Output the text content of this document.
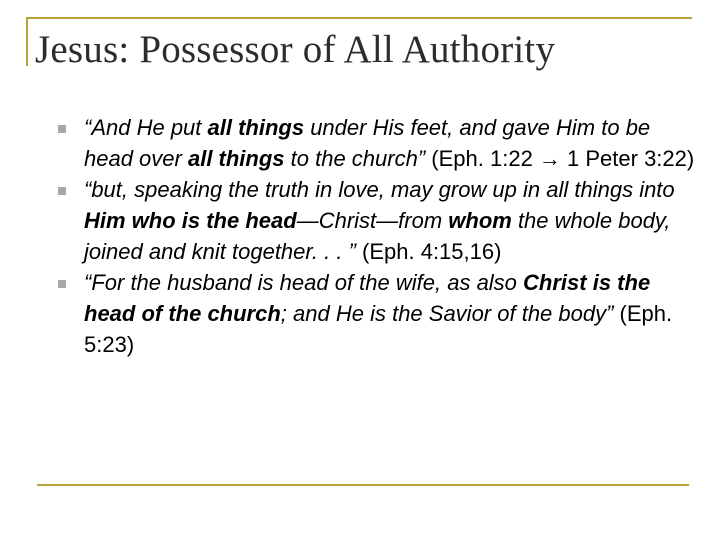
Jesus: Possessor of All Authority
“And He put all things under His feet, and gave Him to be head over all things to the church” (Eph. 1:22 → 1 Peter 3:22)
“but, speaking the truth in love, may grow up in all things into Him who is the head—Christ—from whom the whole body, joined and knit together. . . ” (Eph. 4:15,16)
“For the husband is head of the wife, as also Christ is the head of the church; and He is the Savior of the body” (Eph. 5:23)
